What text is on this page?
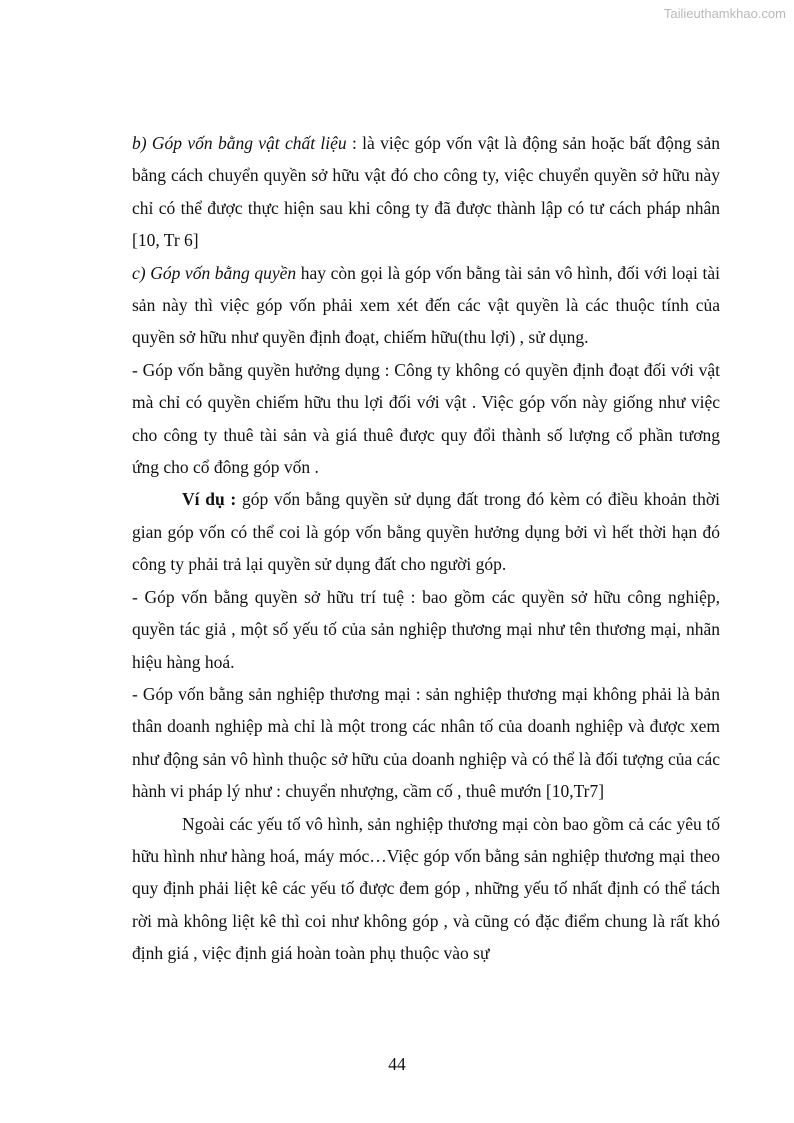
Tailieuthamkhao.com

b) Góp vốn bằng vật chất liệu : là việc góp vốn vật là động sản hoặc bất động sản bằng cách chuyển quyền sở hữu vật đó cho công ty, việc chuyển quyền sở hữu này chỉ có thể được thực hiện sau khi công ty đã được thành lập có tư cách pháp nhân [10, Tr 6]

c) Góp vốn bằng quyền hay còn gọi là góp vốn bằng tài sản vô hình, đối với loại tài sản này thì việc góp vốn phải xem xét đến các vật quyền là các thuộc tính của quyền sở hữu như quyền định đoạt, chiếm hữu(thu lợi) , sử dụng.

- Góp vốn bằng quyền hưởng dụng : Công ty không có quyền định đoạt đối với vật mà chỉ có quyền chiếm hữu thu lợi đối với vật . Việc góp vốn này giống như việc cho công ty thuê tài sản và giá thuê được quy đổi thành số lượng cổ phần tương ứng cho cổ đông góp vốn .

Ví dụ : góp vốn bằng quyền sử dụng đất trong đó kèm có điều khoản thời gian góp vốn có thể coi là góp vốn bằng quyền hưởng dụng bởi vì hết thời hạn đó công ty phải trả lại quyền sử dụng đất cho người góp.

- Góp vốn bằng quyền sở hữu trí tuệ : bao gồm các quyền sở hữu công nghiệp, quyền tác giả , một số yếu tố của sản nghiệp thương mại như tên thương mại, nhãn hiệu hàng hoá.

- Góp vốn bằng sản nghiệp thương mại : sản nghiệp thương mại không phải là bản thân doanh nghiệp mà chỉ là một trong các nhân tố của doanh nghiệp và được xem như động sản vô hình thuộc sở hữu của doanh nghiệp và có thể là đối tượng của các hành vi pháp lý như : chuyển nhượng, cầm cố , thuê mướn [10,Tr7]

Ngoài các yếu tố vô hình, sản nghiệp thương mại còn bao gồm cả các yêu tố hữu hình như hàng hoá, máy móc…Việc góp vốn bằng sản nghiệp thương mại theo quy định phải liệt kê các yếu tố được đem góp , những yếu tố nhất định có thể tách rời mà không liệt kê thì coi như không góp , và cũng có đặc điểm chung là rất khó định giá , việc định giá hoàn toàn phụ thuộc vào sự

44
